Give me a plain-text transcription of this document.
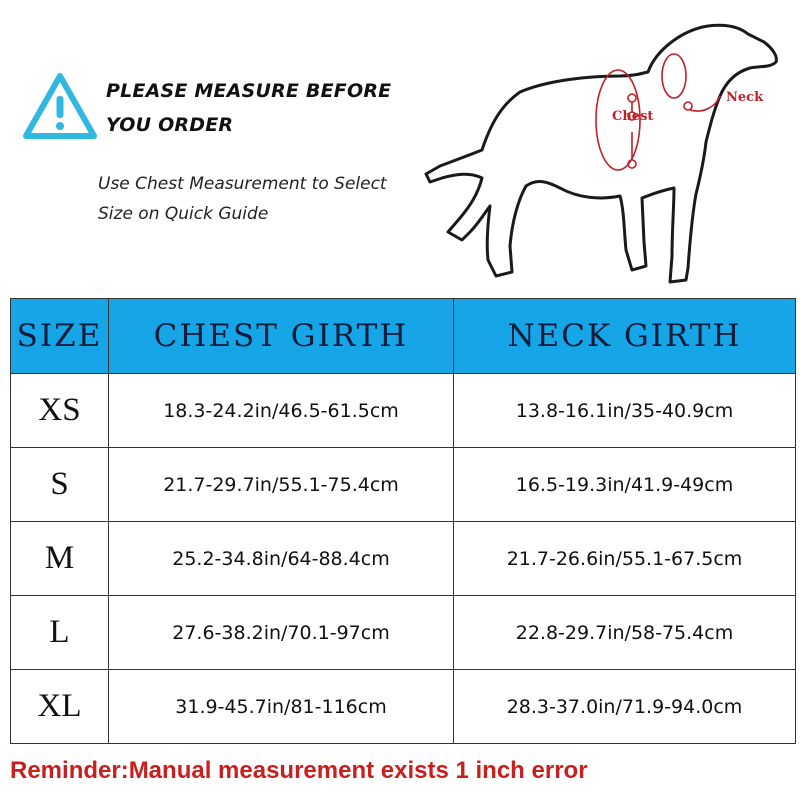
PLEASE MEASURE BEFORE
YOU ORDER
Use Chest Measurement to Select
Size on Quick Guide
Chest
Neck
SIZE	CHEST GIRTH	NECK GIRTH
XS	18.3-24.2in/46.5-61.5cm	13.8-16.1in/35-40.9cm
S	21.7-29.7in/55.1-75.4cm	16.5-19.3in/41.9-49cm
M	25.2-34.8in/64-88.4cm	21.7-26.6in/55.1-67.5cm
L	27.6-38.2in/70.1-97cm	22.8-29.7in/58-75.4cm
XL	31.9-45.7in/81-116cm	28.3-37.0in/71.9-94.0cm
Reminder:Manual measurement exists 1 inch error
